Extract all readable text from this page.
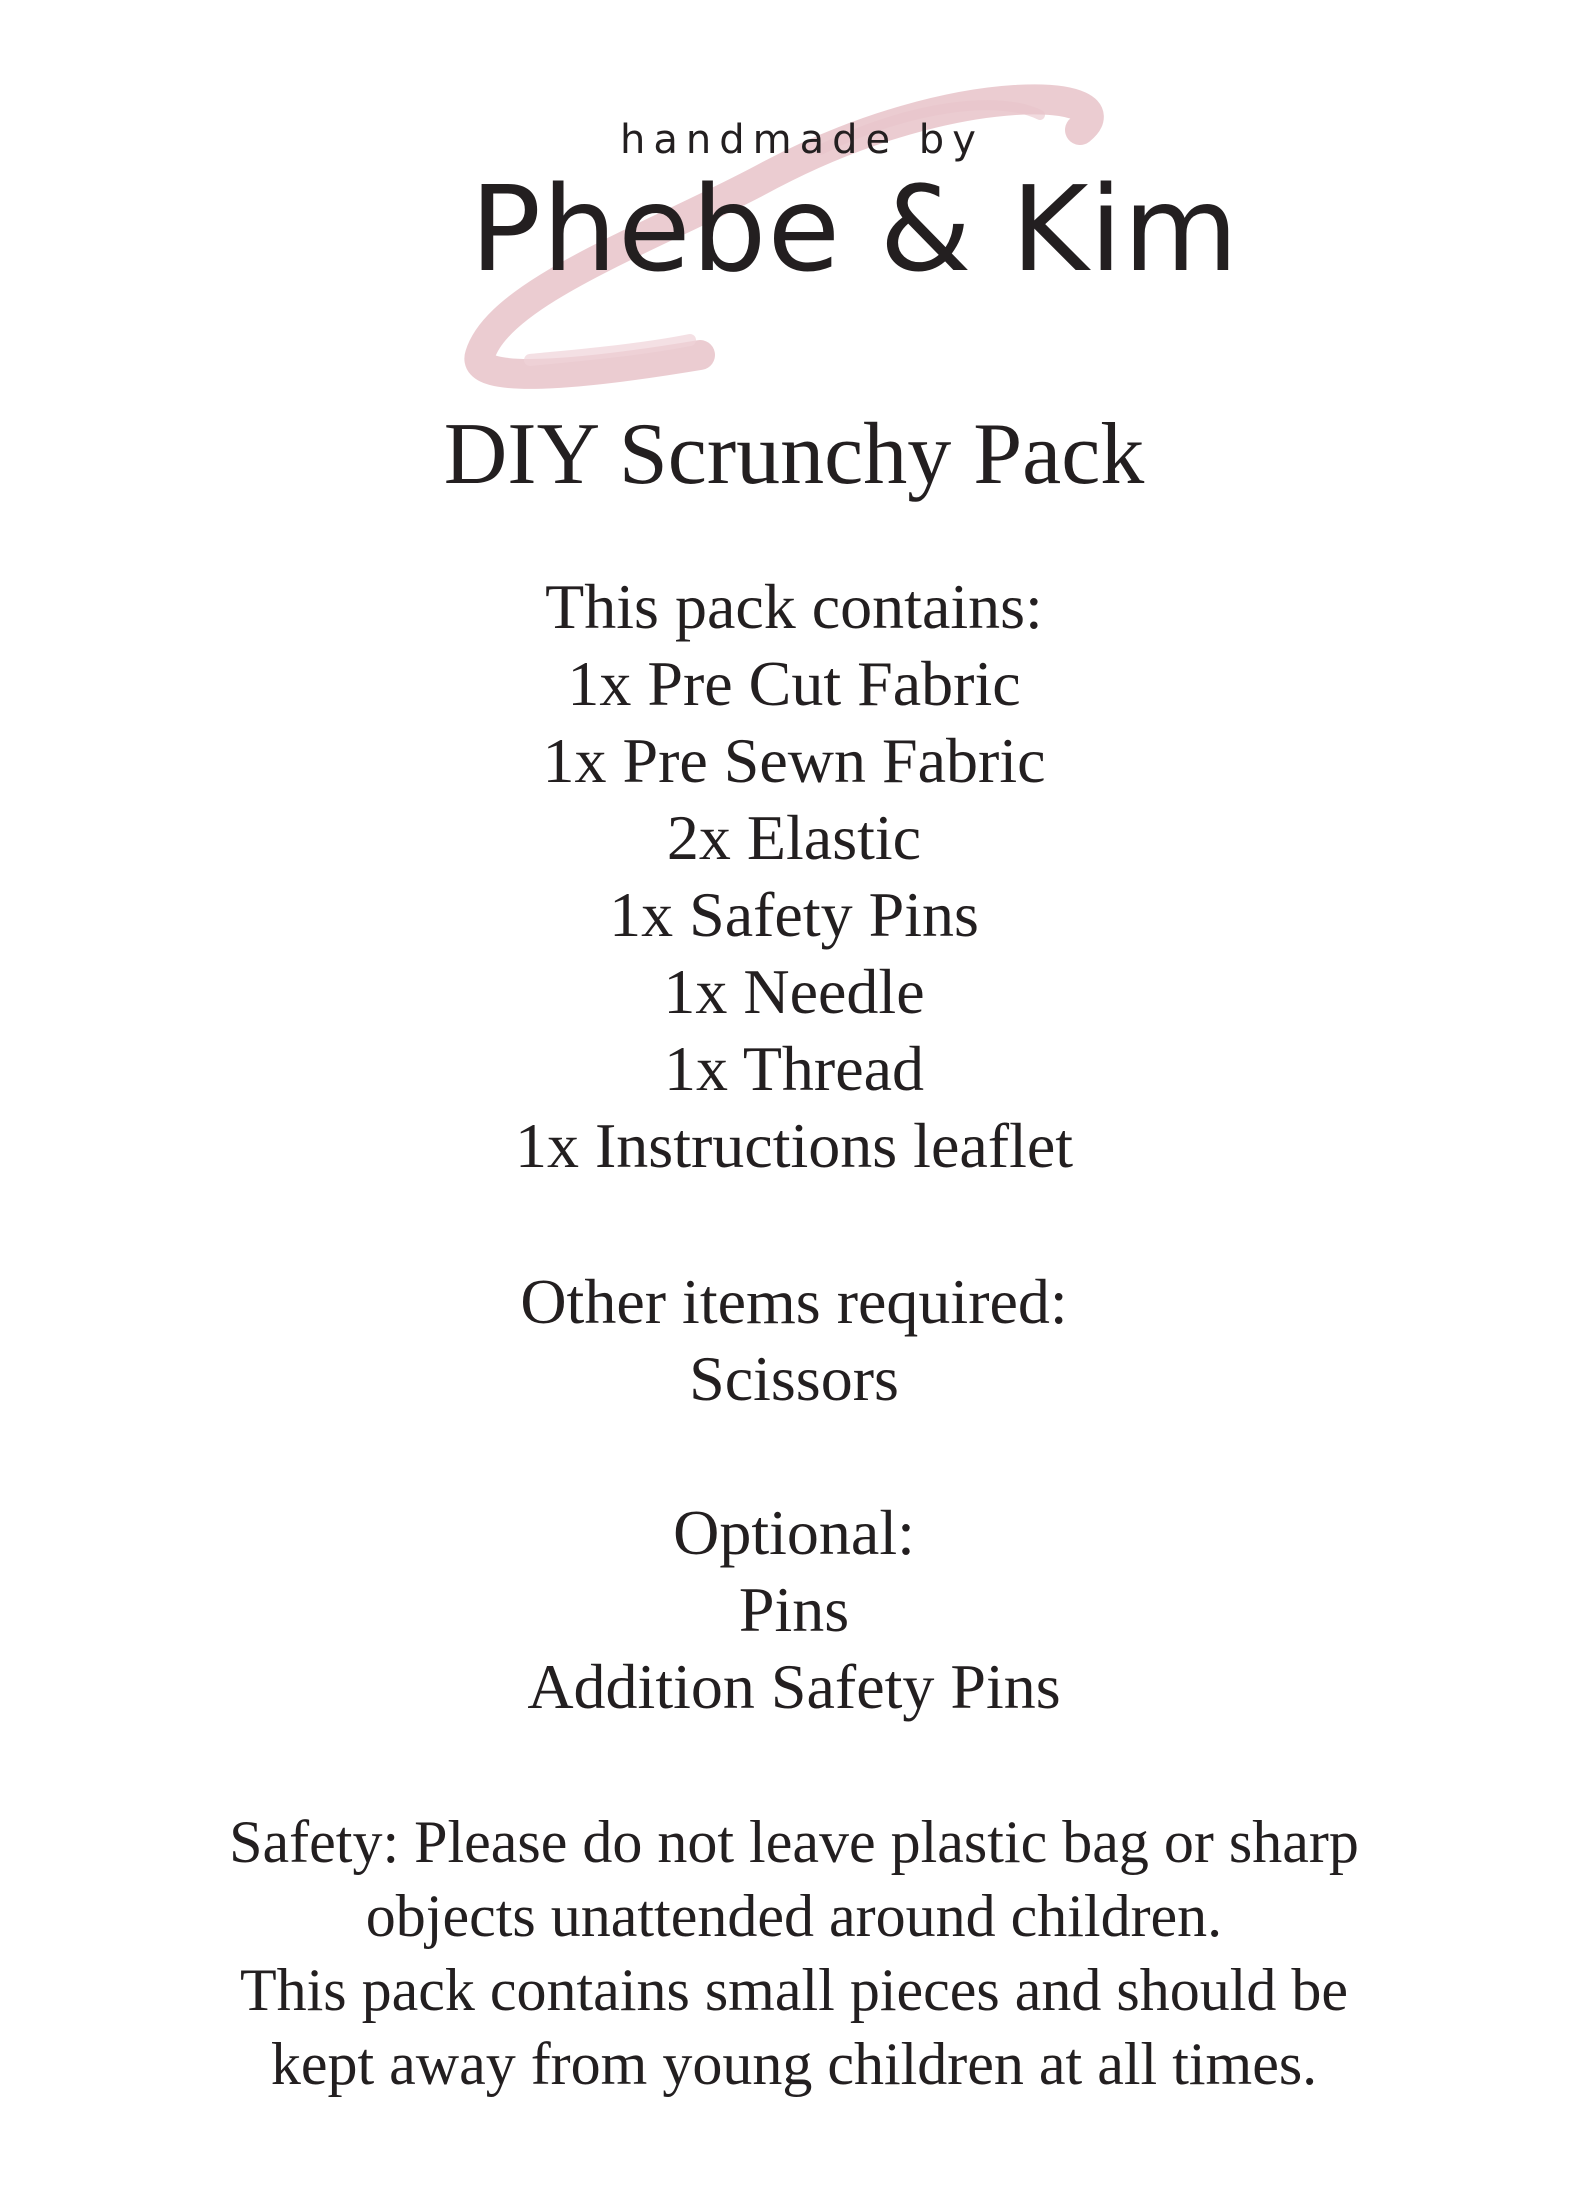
handmade by
Phebe & Kim
DIY Scrunchy Pack
This pack contains:
1x Pre Cut Fabric
1x Pre Sewn Fabric
2x Elastic
1x Safety Pins
1x Needle
1x Thread
1x Instructions leaflet
Other items required:
Scissors
Optional:
Pins
Addition Safety Pins
Safety: Please do not leave plastic bag or sharp
objects unattended around children.
This pack contains small pieces and should be
kept away from young children at all times.
